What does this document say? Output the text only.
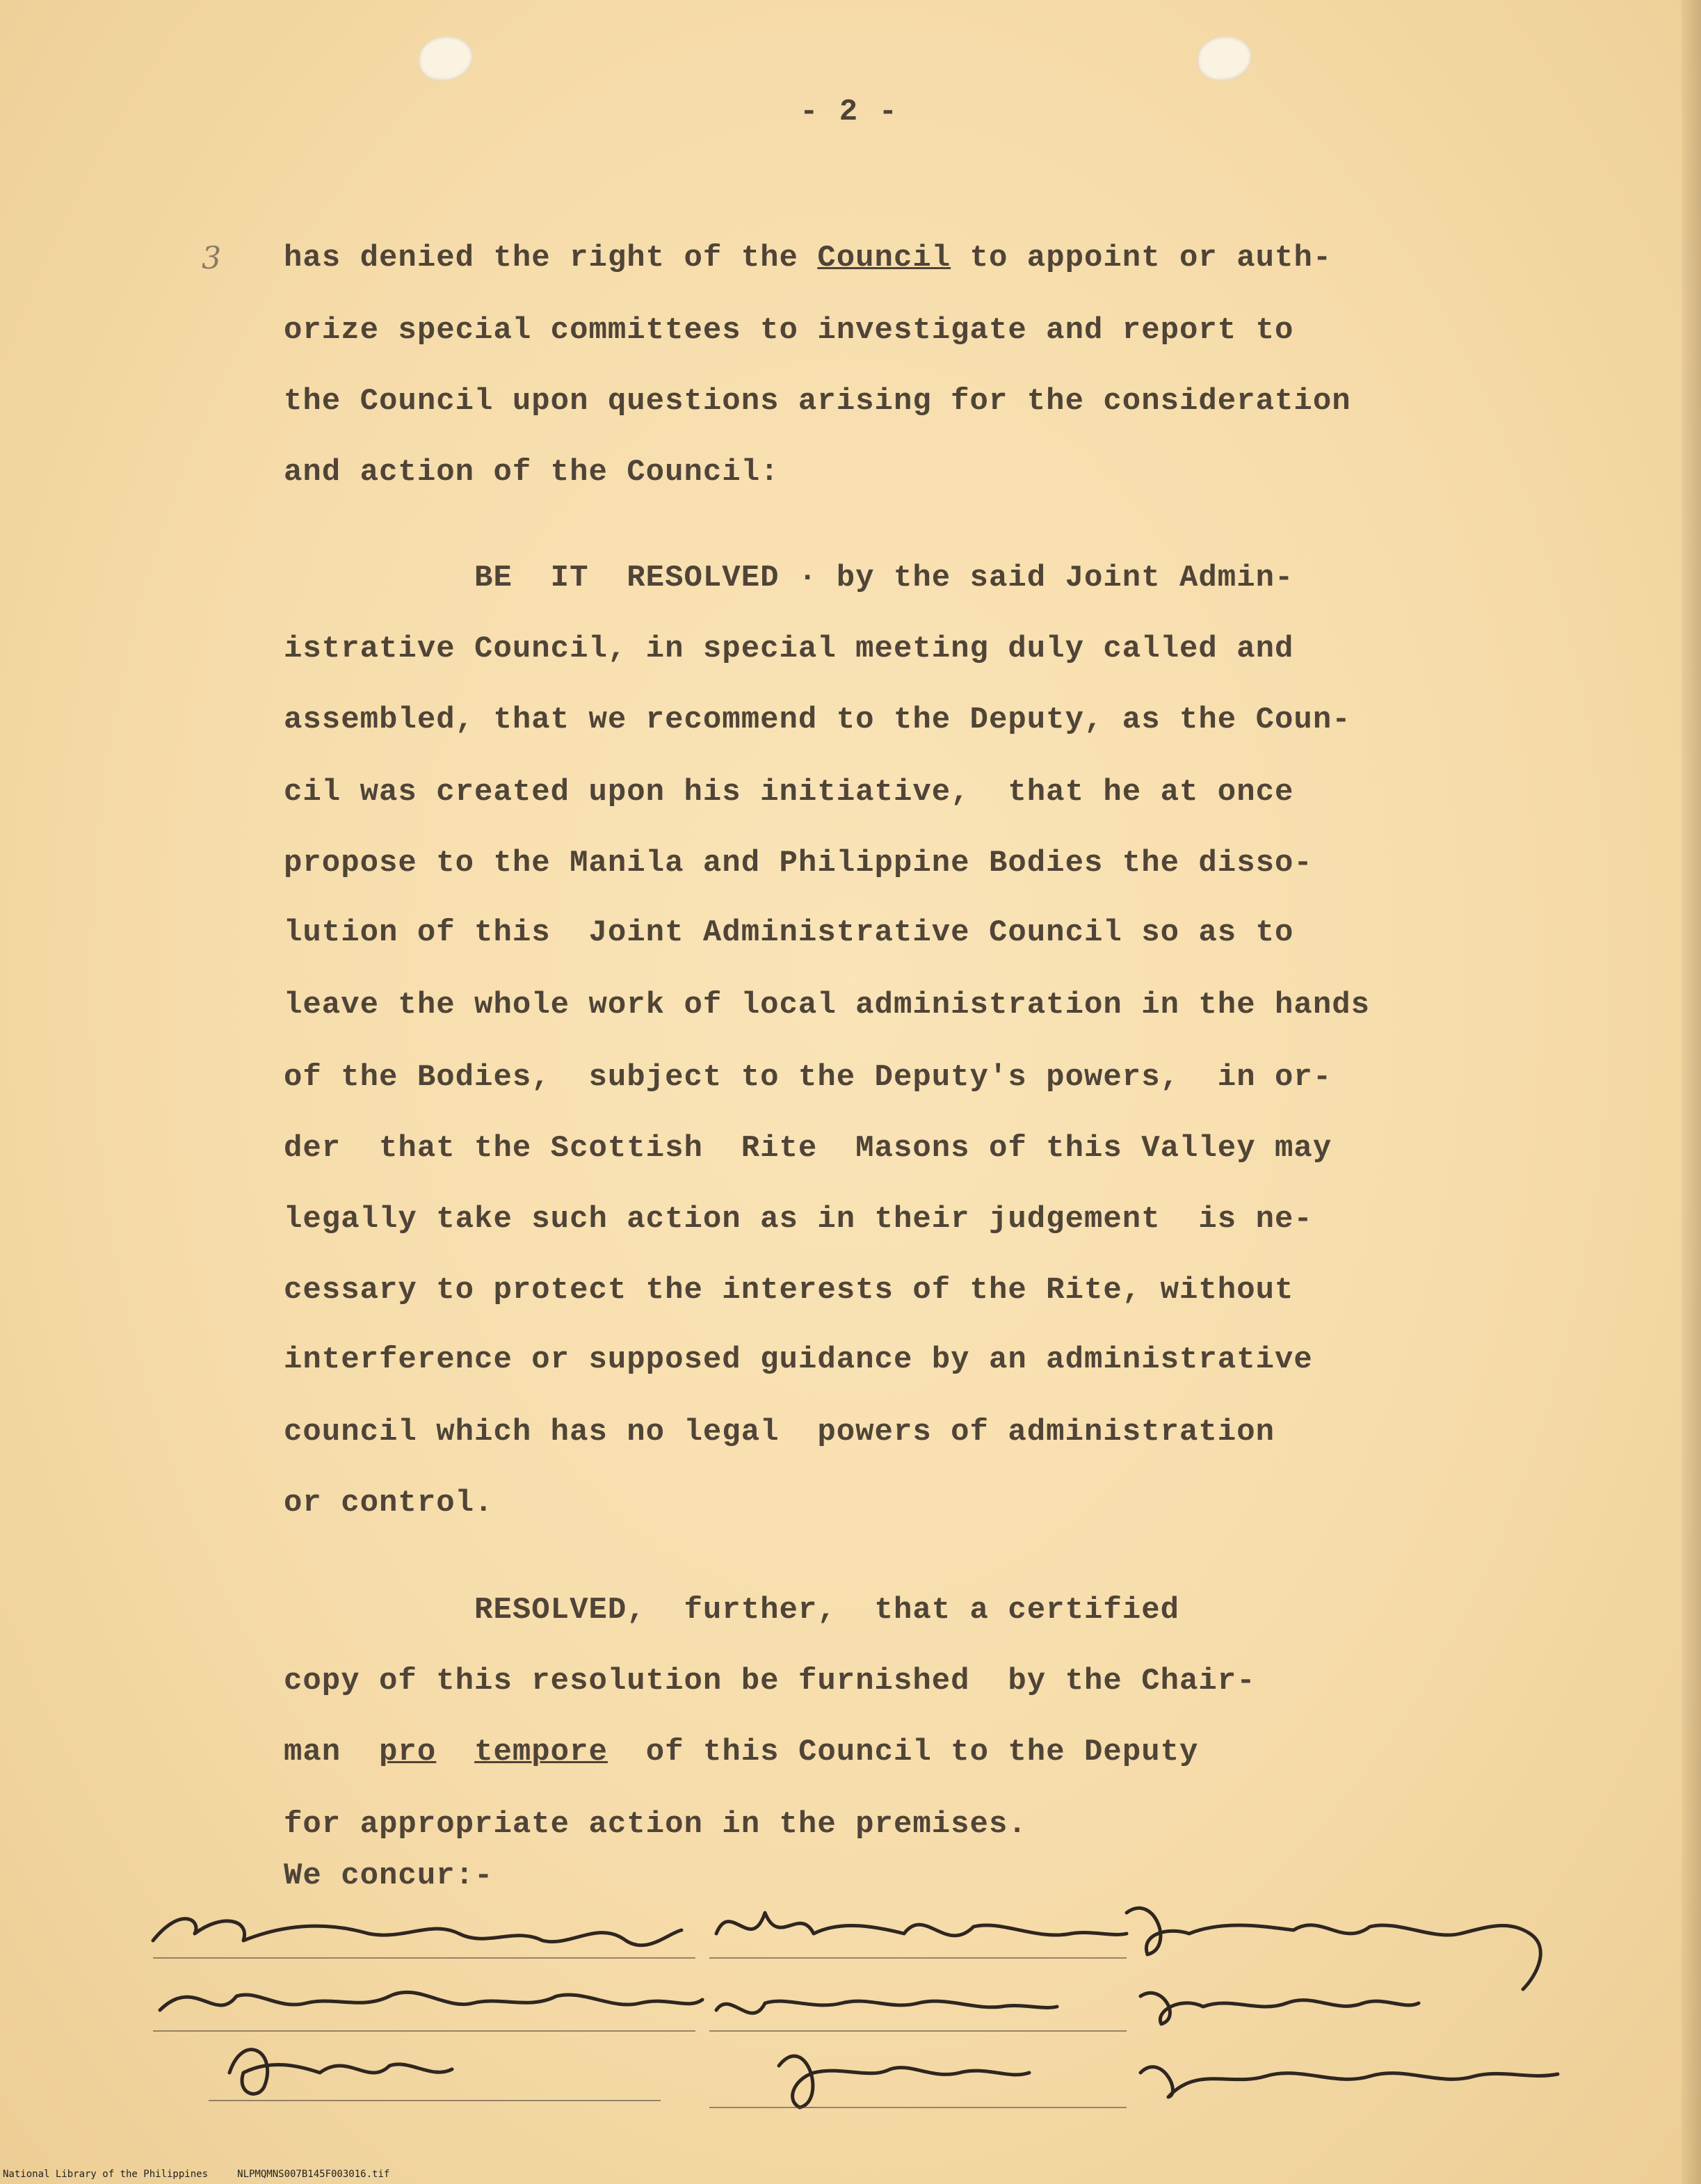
- 2 -
3 has denied the right of the Council to appoint or auth-
orize special committees to investigate and report to
the Council upon questions arising for the consideration
and action of the Council:
BE  IT  RESOLVED · by the said Joint Admin-
istrative Council, in special meeting duly called and
assembled, that we recommend to the Deputy, as the Coun-
cil was created upon his initiative,  that he at once
propose to the Manila and Philippine Bodies the disso-
lution of this  Joint Administrative Council so as to
leave the whole work of local administration in the hands
of the Bodies,  subject to the Deputy's powers,  in or-
der  that the Scottish  Rite  Masons of this Valley may
legally take such action as in their judgement  is ne-
cessary to protect the interests of the Rite, without
interference or supposed guidance by an administrative
council which has no legal  powers of administration
or control.
RESOLVED,  further,  that a certified
copy of this resolution be furnished  by the Chair-
man  pro tempore  of this Council to the Deputy
for appropriate action in the premises.
We concur:-
National Library of the Philippines     NLPMQMNS007B145F003016.tif
